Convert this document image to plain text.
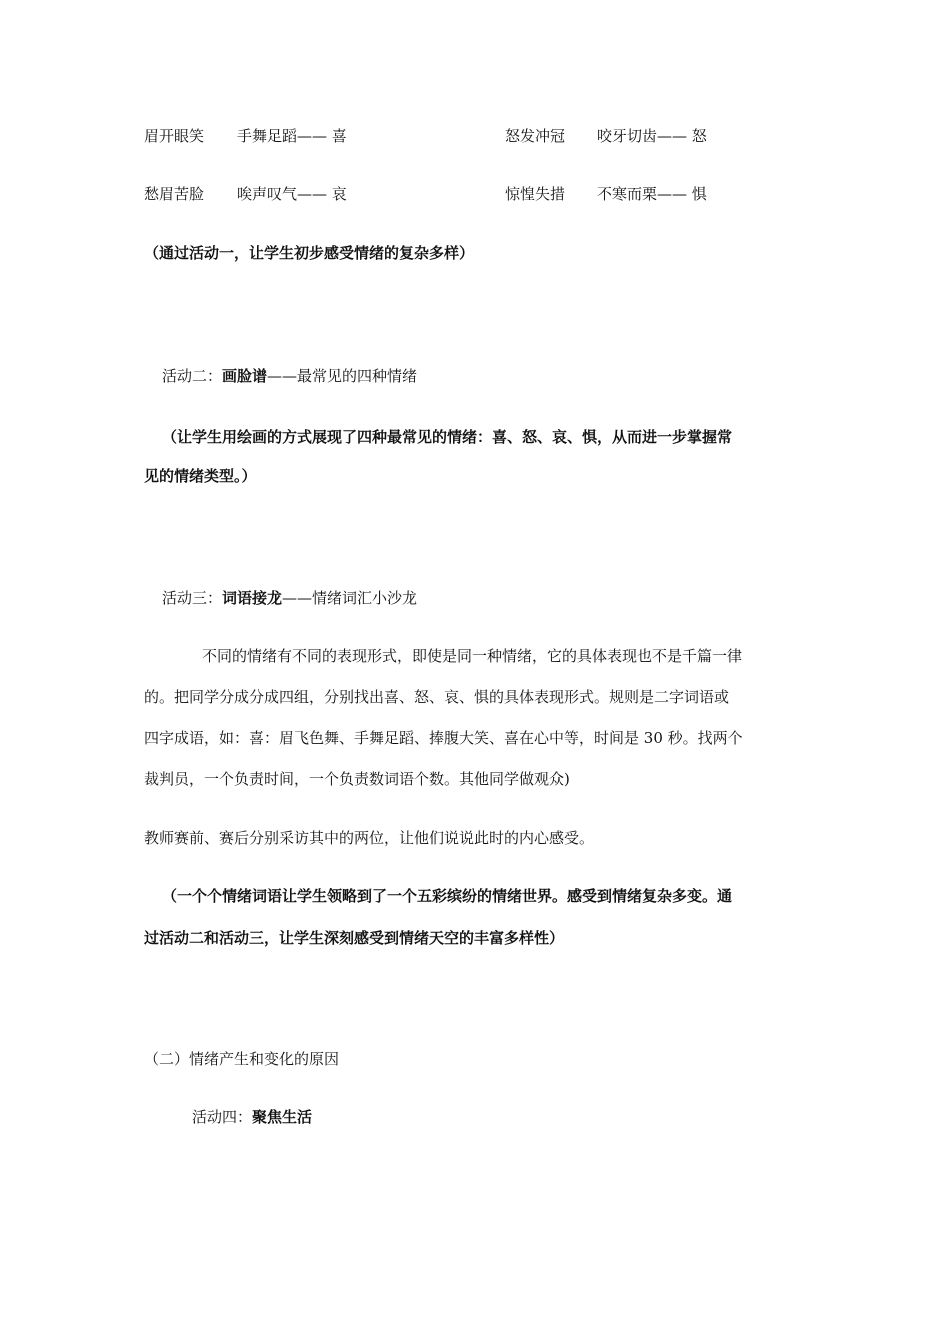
眉开眼笑 手舞足蹈—— 喜	怒发冲冠 咬牙切齿—— 怒
愁眉苦脸 唉声叹气—— 哀	惊惶失措 不寒而栗—— 惧
（通过活动一，让学生初步感受情绪的复杂多样）
活动二：画脸谱——最常见的四种情绪
（让学生用绘画的方式展现了四种最常见的情绪：喜、怒、哀、惧，从而进一步掌握常
见的情绪类型。）
活动三：词语接龙——情绪词汇小沙龙
不同的情绪有不同的表现形式，即使是同一种情绪，它的具体表现也不是千篇一律
的。把同学分成分成四组，分别找出喜、怒、哀、惧的具体表现形式。规则是二字词语或
四字成语，如：喜：眉飞色舞、手舞足蹈、捧腹大笑、喜在心中等，时间是 30 秒。找两个
裁判员，一个负责时间，一个负责数词语个数。其他同学做观众)
教师赛前、赛后分别采访其中的两位，让他们说说此时的内心感受。
（一个个情绪词语让学生领略到了一个五彩缤纷的情绪世界。感受到情绪复杂多变。通
过活动二和活动三，让学生深刻感受到情绪天空的丰富多样性）
（二）情绪产生和变化的原因
活动四：聚焦生活
